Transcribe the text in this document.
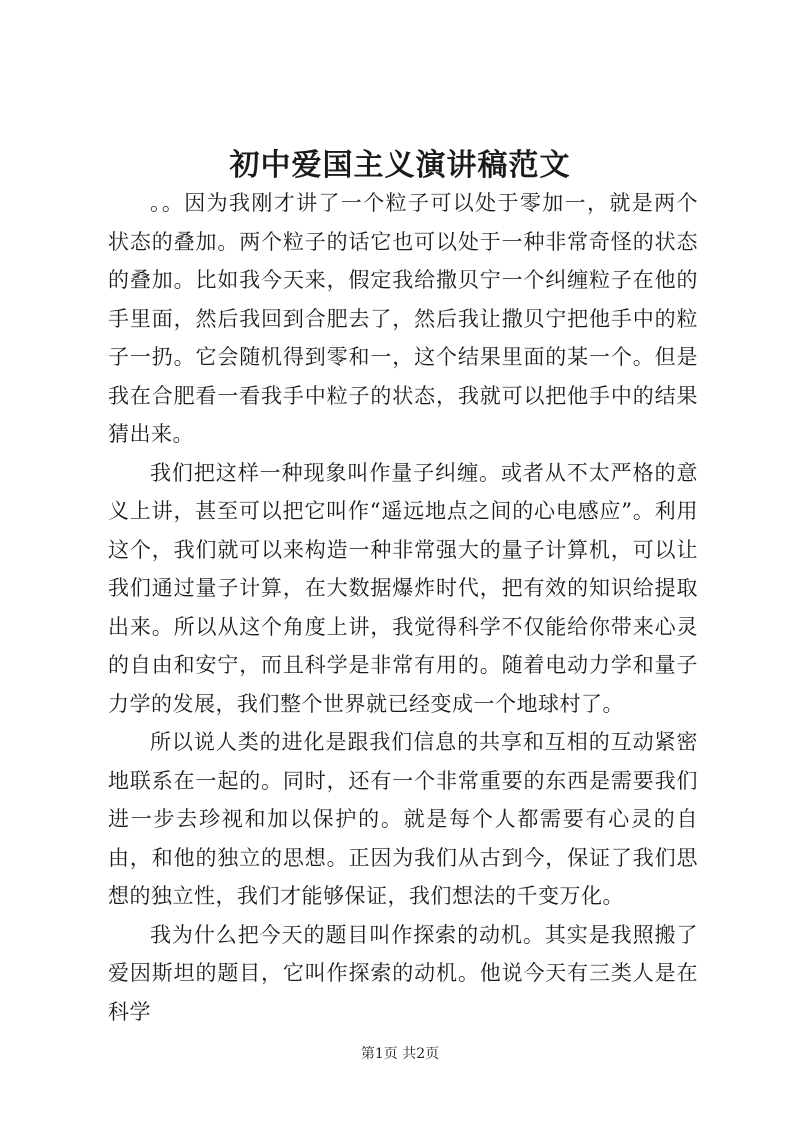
初中爱国主义演讲稿范文

。。因为我刚才讲了一个粒子可以处于零加一，就是两个状态的叠加。两个粒子的话它也可以处于一种非常奇怪的状态的叠加。比如我今天来，假定我给撒贝宁一个纠缠粒子在他的手里面，然后我回到合肥去了，然后我让撒贝宁把他手中的粒子一扔。它会随机得到零和一，这个结果里面的某一个。但是我在合肥看一看我手中粒子的状态，我就可以把他手中的结果猜出来。

我们把这样一种现象叫作量子纠缠。或者从不太严格的意义上讲，甚至可以把它叫作“遥远地点之间的心电感应”。利用这个，我们就可以来构造一种非常强大的量子计算机，可以让我们通过量子计算，在大数据爆炸时代，把有效的知识给提取出来。所以从这个角度上讲，我觉得科学不仅能给你带来心灵的自由和安宁，而且科学是非常有用的。随着电动力学和量子力学的发展，我们整个世界就已经变成一个地球村了。

所以说人类的进化是跟我们信息的共享和互相的互动紧密地联系在一起的。同时，还有一个非常重要的东西是需要我们进一步去珍视和加以保护的。就是每个人都需要有心灵的自由，和他的独立的思想。正因为我们从古到今，保证了我们思想的独立性，我们才能够保证，我们想法的千变万化。

我为什么把今天的题目叫作探索的动机。其实是我照搬了爱因斯坦的题目，它叫作探索的动机。他说今天有三类人是在科学

第1页 共2页
